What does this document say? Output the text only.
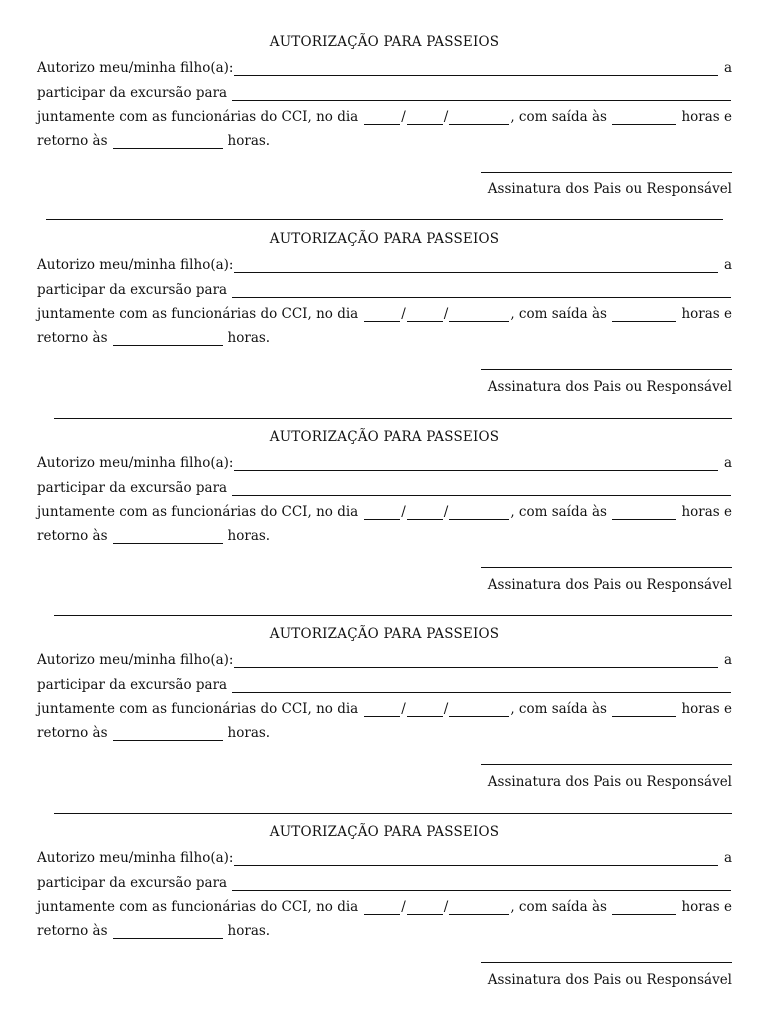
AUTORIZAÇÃO PARA PASSEIOS
Autorizo meu/minha filho(a):	a
participar da excursão para
juntamente com as funcionárias do CCI, no dia	/	/	, com saída às	horas e
retorno às	horas.
Assinatura dos Pais ou Responsável
AUTORIZAÇÃO PARA PASSEIOS
Autorizo meu/minha filho(a):	a
participar da excursão para
juntamente com as funcionárias do CCI, no dia	/	/	, com saída às	horas e
retorno às	horas.
Assinatura dos Pais ou Responsável
AUTORIZAÇÃO PARA PASSEIOS
Autorizo meu/minha filho(a):	a
participar da excursão para
juntamente com as funcionárias do CCI, no dia	/	/	, com saída às	horas e
retorno às	horas.
Assinatura dos Pais ou Responsável
AUTORIZAÇÃO PARA PASSEIOS
Autorizo meu/minha filho(a):	a
participar da excursão para
juntamente com as funcionárias do CCI, no dia	/	/	, com saída às	horas e
retorno às	horas.
Assinatura dos Pais ou Responsável
AUTORIZAÇÃO PARA PASSEIOS
Autorizo meu/minha filho(a):	a
participar da excursão para
juntamente com as funcionárias do CCI, no dia	/	/	, com saída às	horas e
retorno às	horas.
Assinatura dos Pais ou Responsável
